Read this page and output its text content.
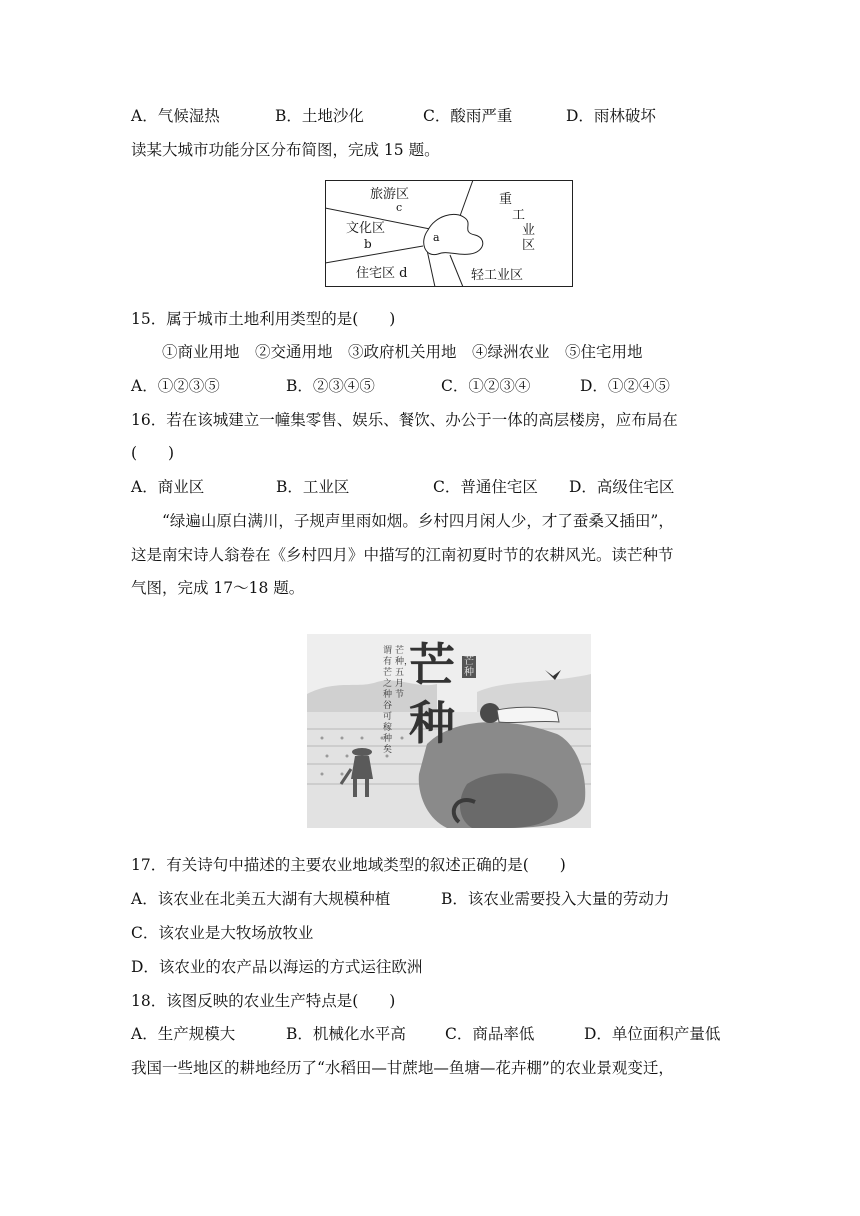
A．气候湿热	B．土地沙化	C．酸雨严重	D．雨林破坏
读某大城市功能分区分布简图，完成 15 题。
旅游区
c
文化区
b	a
住宅区 d
重
工
业
区
轻工业区
15．属于城市土地利用类型的是(　　)
①商业用地　②交通用地　③政府机关用地　④绿洲农业　⑤住宅用地
A．①②③⑤	B．②③④⑤	C．①②③④	D．①②④⑤
16．若在该城建立一幢集零售、娱乐、餐饮、办公于一体的高层楼房，应布局在
(　　)
A．商业区	B．工业区	C．普通住宅区 D．高级住宅区
“绿遍山原白满川，子规声里雨如烟。乡村四月闲人少，才了蚕桑又插田”，
这是南宋诗人翁卷在《乡村四月》中描写的江南初夏时节的农耕风光。读芒种节
气图，完成 17～18 题。
芒
种
芒种
芒种，五月节
谓有芒之种谷可稼种矣
17．有关诗句中描述的主要农业地域类型的叙述正确的是(　　)
A．该农业在北美五大湖有大规模种植	B．该农业需要投入大量的劳动力
C．该农业是大牧场放牧业
D．该农业的农产品以海运的方式运往欧洲
18．该图反映的农业生产特点是(　　)
A．生产规模大	B．机械化水平高	C．商品率低	D．单位面积产量低
我国一些地区的耕地经历了“水稻田—甘蔗地—鱼塘—花卉棚”的农业景观变迁，
